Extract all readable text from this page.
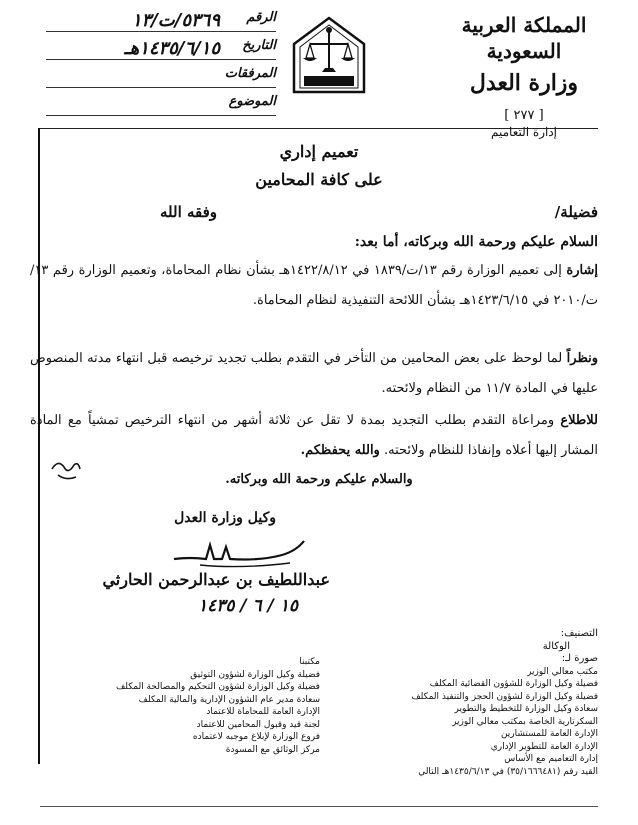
المملكة العربية السعودية
وزارة العدل
[ ٢٧٧ ]
إدارة التعاميم
الرقم
٥٣٦٩/ت/١٣
التاريخ
١٤٣٥/٦/١٥هـ
المرفقات
الموضوع
تعميم إداري
على كافة المحامين
فضيلة/
وفقه الله
السلام عليكم ورحمة الله وبركاته، أما بعد:
إشارة إلى تعميم الوزارة رقم ١٣/ت/١٨٣٩ في ١٤٢٢/٨/١٢هـ بشأن نظام المحاماة، وتعميم الوزارة رقم ١٣/ت/٢٠١٠ في ١٤٢٣/٦/١٥هـ بشأن اللائحة التنفيذية لنظام المحاماة.
ونظراً لما لوحظ على بعض المحامين من التأخر في التقدم بطلب تجديد ترخيصه قبل انتهاء مدته المنصوص عليها في المادة ١١/٧ من النظام ولائحته.
للاطلاع ومراعاة التقدم بطلب التجديد بمدة لا تقل عن ثلاثة أشهر من انتهاء الترخيص تمشياً مع المادة المشار إليها أعلاه وإنفاذا للنظام ولائحته. والله يحفظكم.
والسلام عليكم ورحمة الله وبركاته.
وكيل وزارة العدل
عبداللطيف بن عبدالرحمن الحارثي
١٥ / ٦ / ١٤٣٥
التصنيف:
الوكالة
صورة لـ:
مكتب معالي الوزير
فضيلة وكيل الوزارة للشؤون القضائية المكلف
فضيلة وكيل الوزارة لشؤون الحجز والتنفيذ المكلف
سعادة وكيل الوزارة للتخطيط والتطوير
السكرتارية الخاصة بمكتب معالي الوزير
الإدارة العامة للمستشارين
الإدارة العامة للتطوير الإداري
إدارة التعاميم مع الأساس
القيد رقم (٣٥/١٦٦٦٤٨١) في ١٤٣٥/٦/١٣هـ التالي
مكتبنا
فضيلة وكيل الوزارة لشؤون التوثيق
فضيلة وكيل الوزارة لشؤون التحكيم والمصالحة المكلف
سعادة مدير عام الشؤون الإدارية والمالية المكلف
الإدارة العامة للمحاماة للاعتماد
لجنة قيد وقبول المحامين للاعتماد
فروع الوزارة لإبلاغ موجبه لاعتماده
مركز الوثائق مع المسودة
